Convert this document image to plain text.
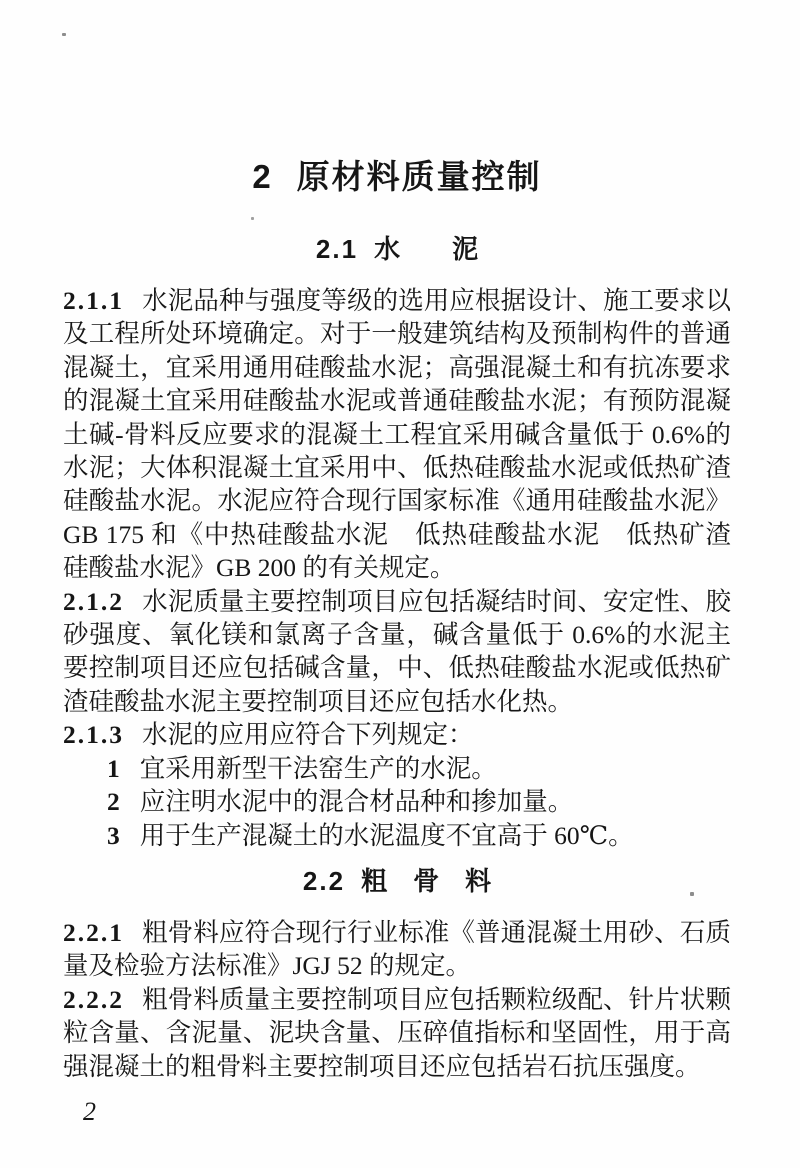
2 原材料质量控制
2.1 水　　泥

2.1.1 水泥品种与强度等级的选用应根据设计、施工要求以及工程所处环境确定。对于一般建筑结构及预制构件的普通混凝土，宜采用通用硅酸盐水泥；高强混凝土和有抗冻要求的混凝土宜采用硅酸盐水泥或普通硅酸盐水泥；有预防混凝土碱-骨料反应要求的混凝土工程宜采用碱含量低于 0.6%的水泥；大体积混凝土宜采用中、低热硅酸盐水泥或低热矿渣硅酸盐水泥。水泥应符合现行国家标准《通用硅酸盐水泥》GB 175 和《中热硅酸盐水泥　低热硅酸盐水泥　低热矿渣硅酸盐水泥》GB 200 的有关规定。

2.1.2 水泥质量主要控制项目应包括凝结时间、安定性、胶砂强度、氧化镁和氯离子含量，碱含量低于 0.6%的水泥主要控制项目还应包括碱含量，中、低热硅酸盐水泥或低热矿渣硅酸盐水泥主要控制项目还应包括水化热。

2.1.3 水泥的应用应符合下列规定：

1 宜采用新型干法窑生产的水泥。
2 应注明水泥中的混合材品种和掺加量。
3 用于生产混凝土的水泥温度不宜高于 60℃。
2.2 粗　骨　料

2.2.1 粗骨料应符合现行行业标准《普通混凝土用砂、石质量及检验方法标准》JGJ 52 的规定。

2.2.2 粗骨料质量主要控制项目应包括颗粒级配、针片状颗粒含量、含泥量、泥块含量、压碎值指标和坚固性，用于高强混凝土的粗骨料主要控制项目还应包括岩石抗压强度。

2
